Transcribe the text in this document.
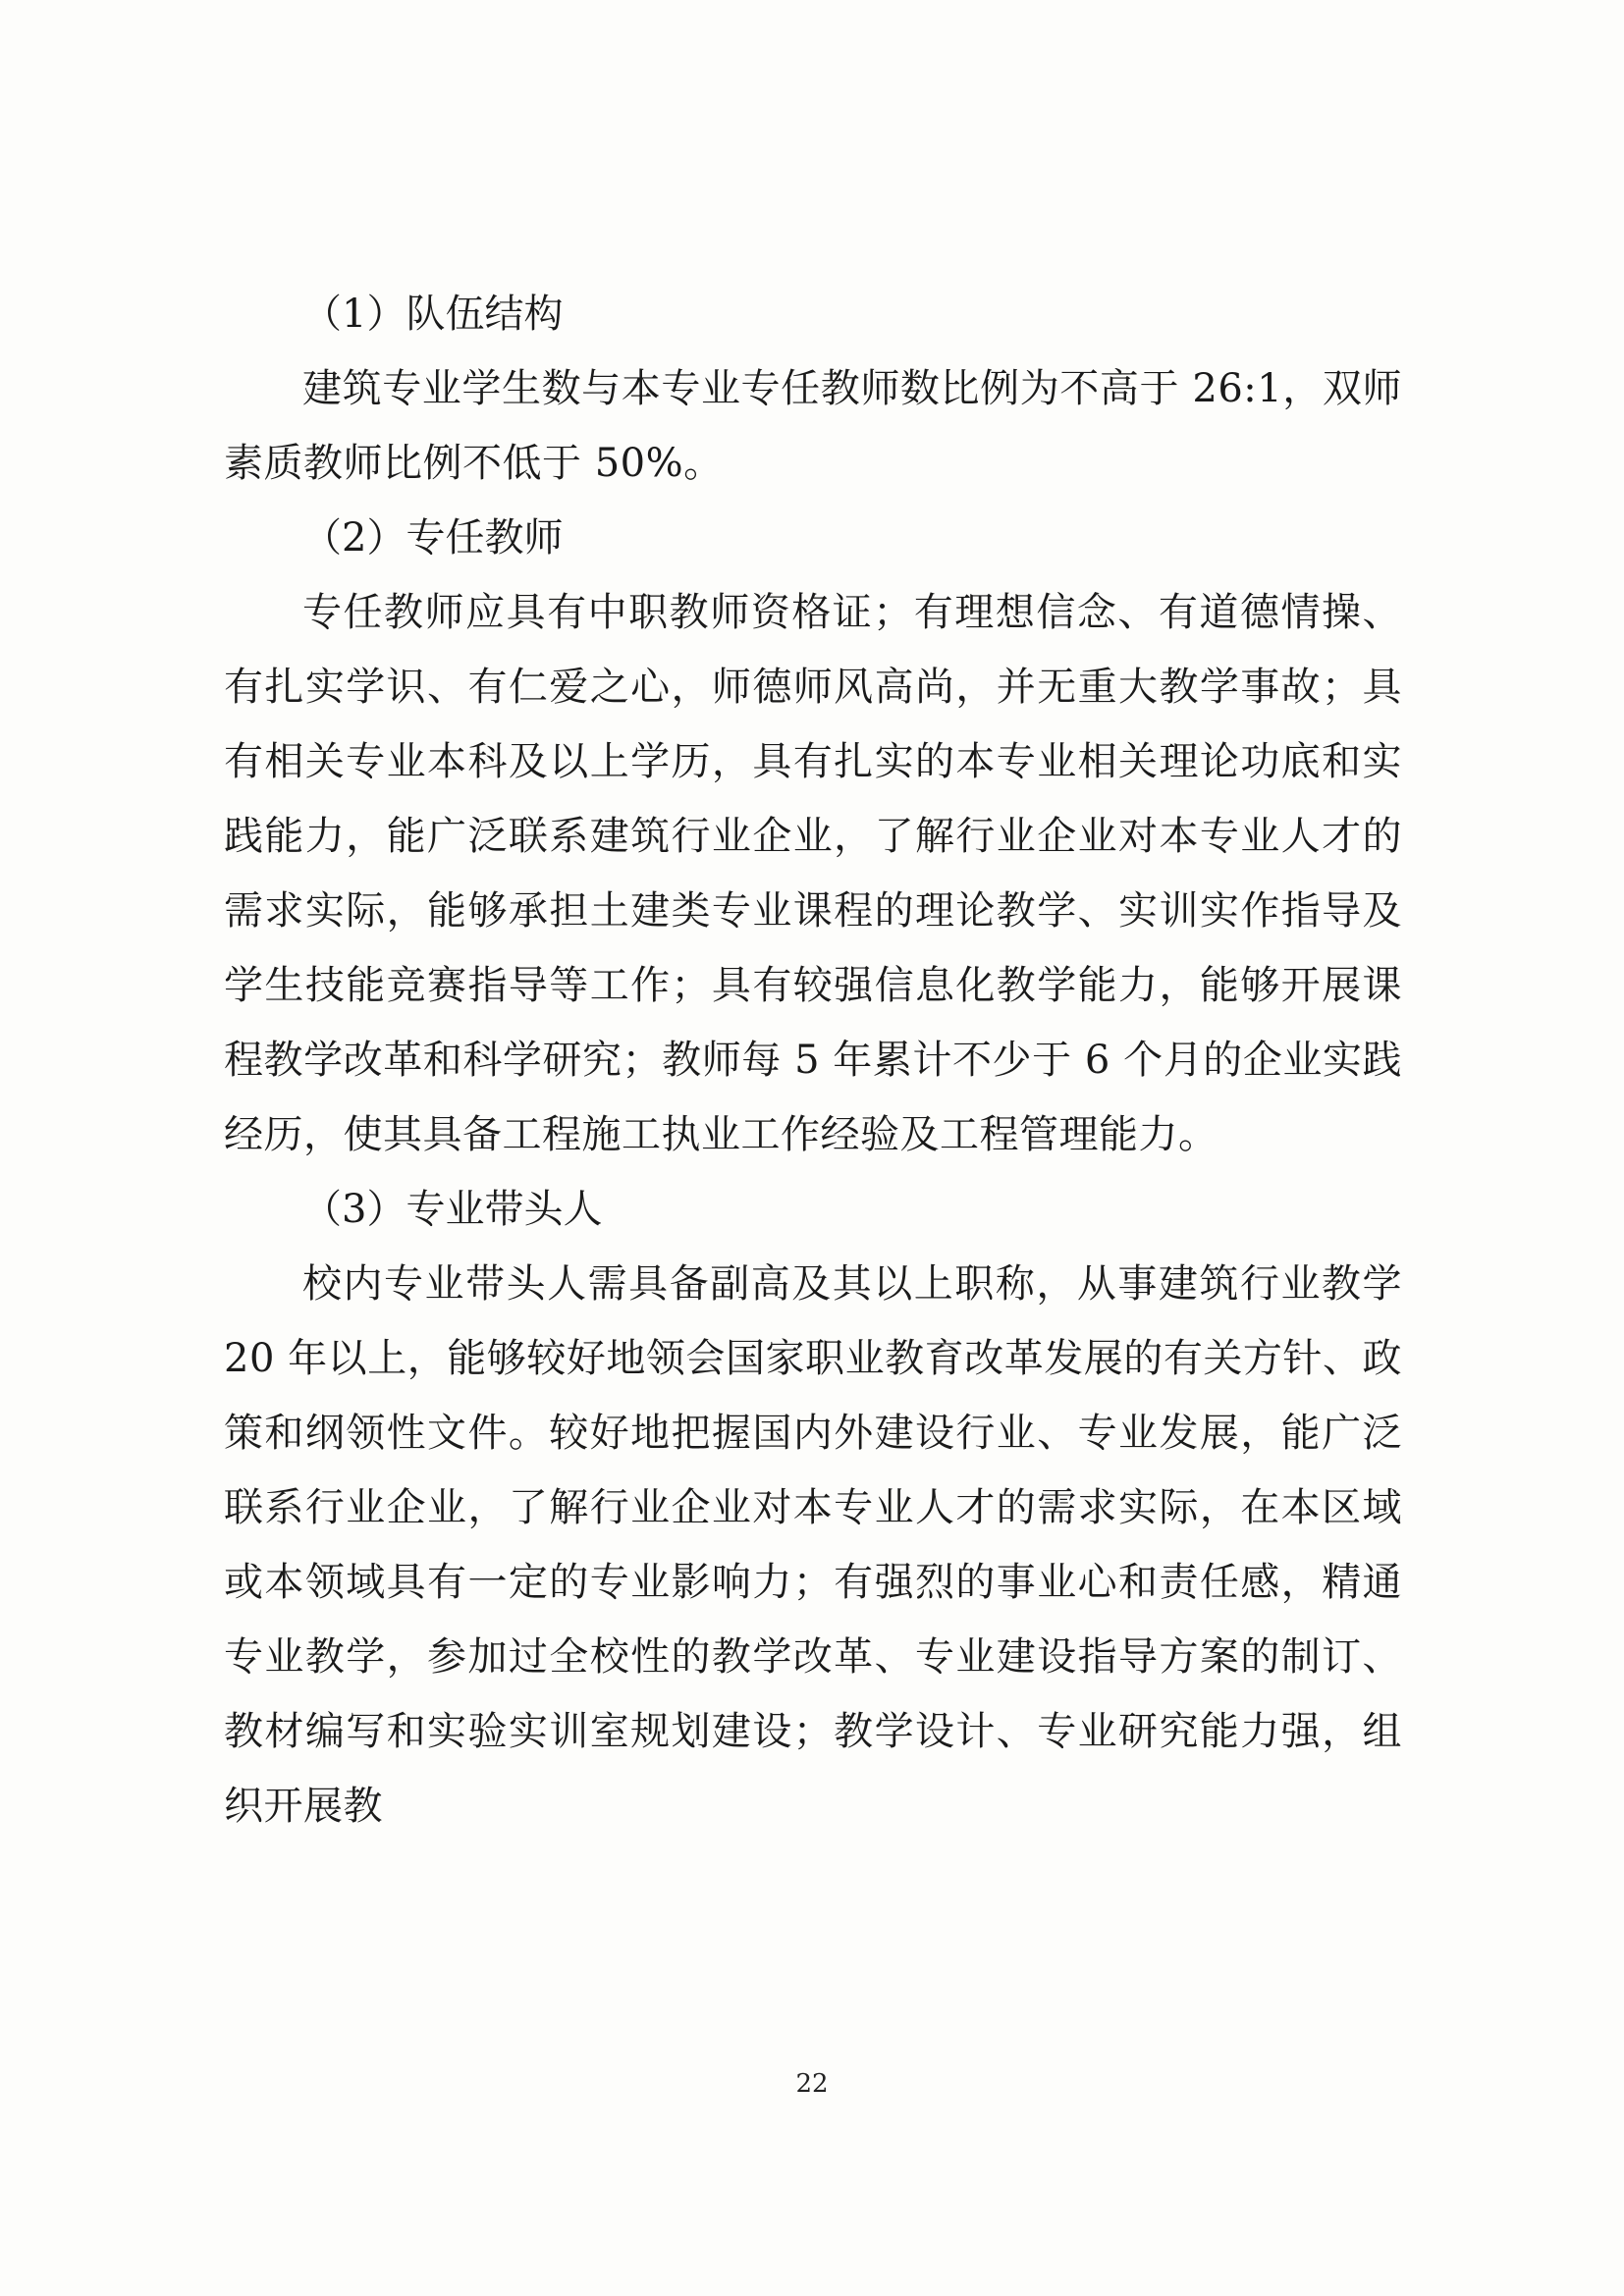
（1）队伍结构

建筑专业学生数与本专业专任教师数比例为不高于 26:1，双师素质教师比例不低于 50%。

（2）专任教师

专任教师应具有中职教师资格证；有理想信念、有道德情操、有扎实学识、有仁爱之心，师德师风高尚，并无重大教学事故；具有相关专业本科及以上学历，具有扎实的本专业相关理论功底和实践能力，能广泛联系建筑行业企业，了解行业企业对本专业人才的需求实际，能够承担土建类专业课程的理论教学、实训实作指导及学生技能竞赛指导等工作；具有较强信息化教学能力，能够开展课程教学改革和科学研究；教师每 5 年累计不少于 6 个月的企业实践经历，使其具备工程施工执业工作经验及工程管理能力。

（3）专业带头人

校内专业带头人需具备副高及其以上职称，从事建筑行业教学 20 年以上，能够较好地领会国家职业教育改革发展的有关方针、政策和纲领性文件。较好地把握国内外建设行业、专业发展，能广泛联系行业企业，了解行业企业对本专业人才的需求实际，在本区域或本领域具有一定的专业影响力；有强烈的事业心和责任感，精通专业教学，参加过全校性的教学改革、专业建设指导方案的制订、教材编写和实验实训室规划建设；教学设计、专业研究能力强，组织开展教

22
